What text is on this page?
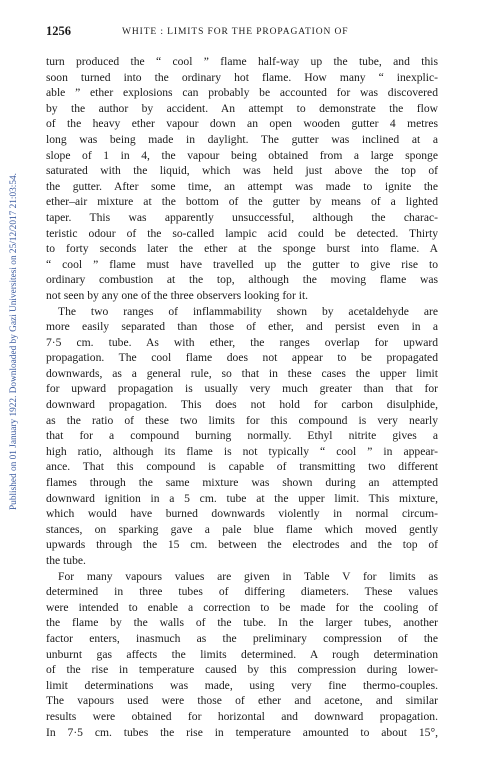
1256	WHITE : LIMITS FOR THE PROPAGATION OF
Published on 01 January 1922. Downloaded by Gazi Universitesi on 25/12/2017 21:03:54.
turn produced the “ cool ” flame half-way up the tube, and this
soon turned into the ordinary hot flame. How many “ inexplic-
able ” ether explosions can probably be accounted for was discovered
by the author by accident. An attempt to demonstrate the flow
of the heavy ether vapour down an open wooden gutter 4 metres
long was being made in daylight. The gutter was inclined at a
slope of 1 in 4, the vapour being obtained from a large sponge
saturated with the liquid, which was held just above the top of
the gutter. After some time, an attempt was made to ignite the
ether–air mixture at the bottom of the gutter by means of a lighted
taper. This was apparently unsuccessful, although the charac-
teristic odour of the so-called lampic acid could be detected. Thirty
to forty seconds later the ether at the sponge burst into flame. A
“ cool ” flame must have travelled up the gutter to give rise to
ordinary combustion at the top, although the moving flame was
not seen by any one of the three observers looking for it.
The two ranges of inflammability shown by acetaldehyde are
more easily separated than those of ether, and persist even in a
7·5 cm. tube. As with ether, the ranges overlap for upward
propagation. The cool flame does not appear to be propagated
downwards, as a general rule, so that in these cases the upper limit
for upward propagation is usually very much greater than that for
downward propagation. This does not hold for carbon disulphide,
as the ratio of these two limits for this compound is very nearly
that for a compound burning normally. Ethyl nitrite gives a
high ratio, although its flame is not typically “ cool ” in appear-
ance. That this compound is capable of transmitting two different
flames through the same mixture was shown during an attempted
downward ignition in a 5 cm. tube at the upper limit. This mixture,
which would have burned downwards violently in normal circum-
stances, on sparking gave a pale blue flame which moved gently
upwards through the 15 cm. between the electrodes and the top of
the tube.
For many vapours values are given in Table V for limits as
determined in three tubes of differing diameters. These values
were intended to enable a correction to be made for the cooling of
the flame by the walls of the tube. In the larger tubes, another
factor enters, inasmuch as the preliminary compression of the
unburnt gas affects the limits determined. A rough determination
of the rise in temperature caused by this compression during lower-
limit determinations was made, using very fine thermo-couples.
The vapours used were those of ether and acetone, and similar
results were obtained for horizontal and downward propagation.
In 7·5 cm. tubes the rise in temperature amounted to about 15°,
